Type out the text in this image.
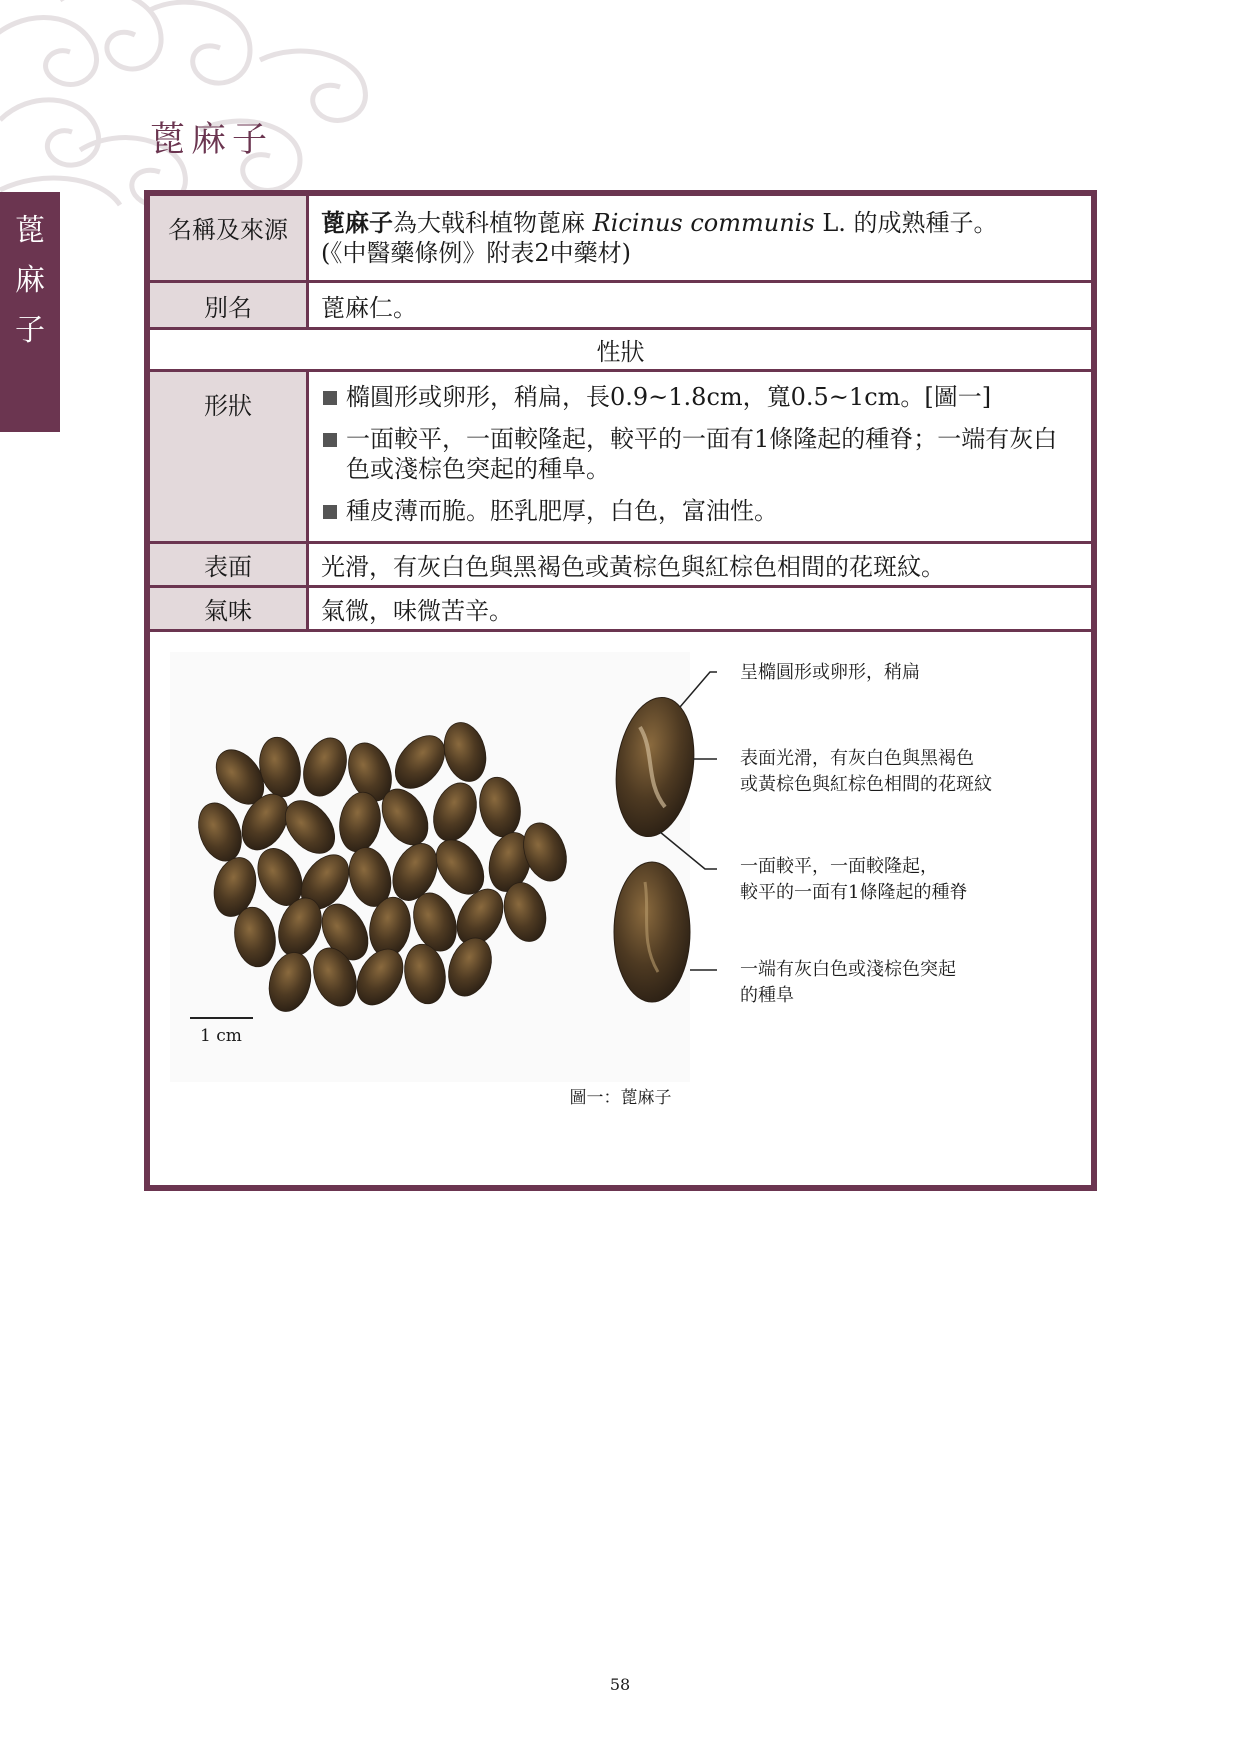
蓖麻子
蓖
麻
子
名稱及來源	蓖麻子為大戟科植物蓖麻 Ricinus communis L. 的成熟種子。
(《中醫藥條例》附表2中藥材)
別名	蓖麻仁。
性狀
形狀	橢圓形或卵形，稍扁，長0.9~1.8cm，寬0.5~1cm。[圖一]
一面較平，一面較隆起，較平的一面有1條隆起的種脊；一端有灰白色或淺棕色突起的種阜。
種皮薄而脆。胚乳肥厚，白色，富油性。
表面	光滑，有灰白色與黑褐色或黃棕色與紅棕色相間的花斑紋。
氣味	氣微，味微苦辛。
1 cm
呈橢圓形或卵形，稍扁
表面光滑，有灰白色與黑褐色
或黃棕色與紅棕色相間的花斑紋
一面較平，一面較隆起，
較平的一面有1條隆起的種脊
一端有灰白色或淺棕色突起
的種阜
圖一：蓖麻子
58
